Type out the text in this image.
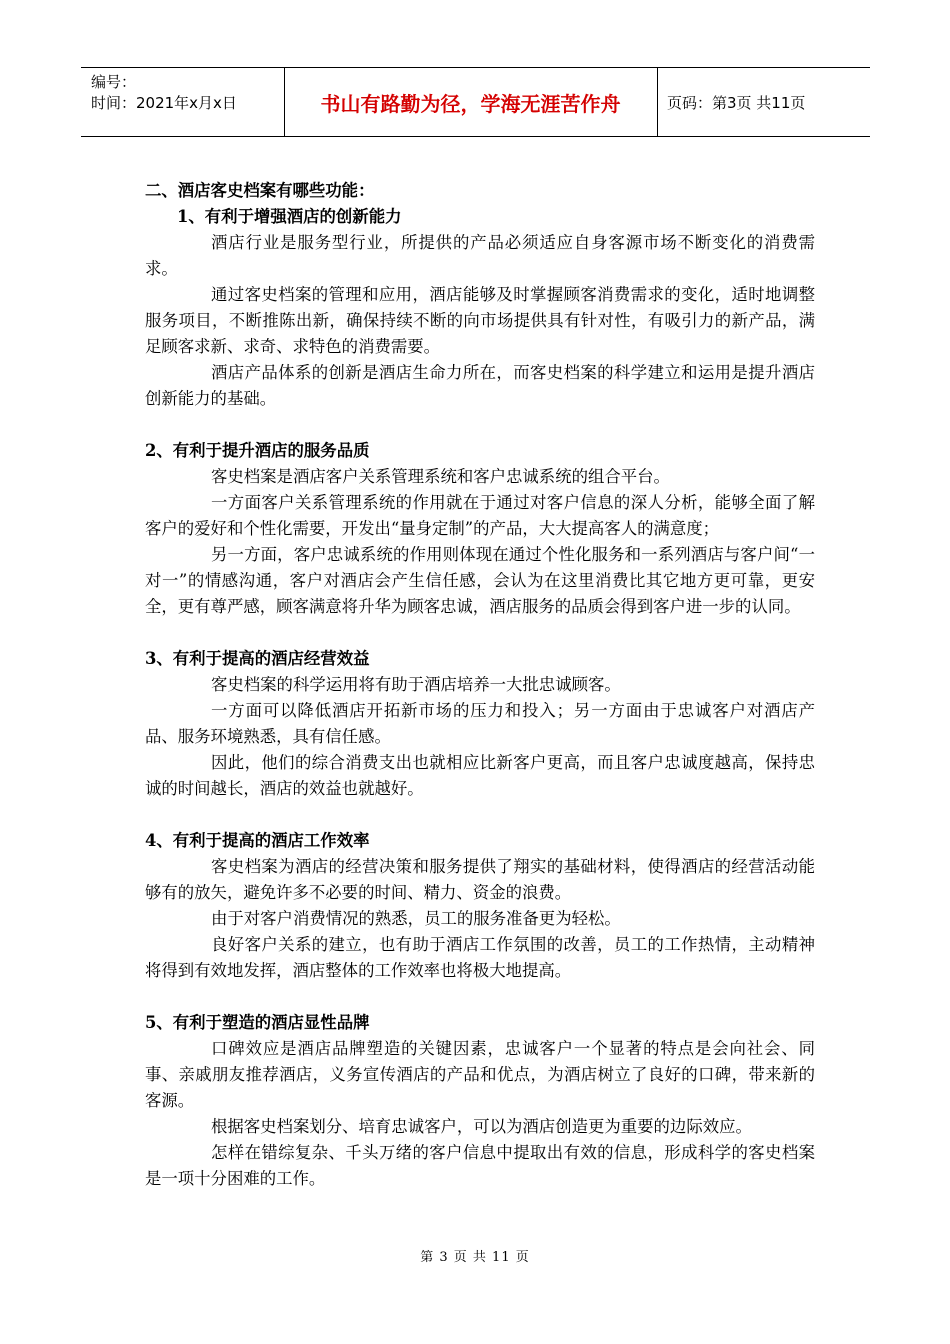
编号：
时间：2021年x月x日	书山有路勤为径，学海无涯苦作舟	页码：第3页 共11页

二、酒店客史档案有哪些功能：

1、有利于增强酒店的创新能力

酒店行业是服务型行业，所提供的产品必须适应自身客源市场不断变化的消费需求。

通过客史档案的管理和应用，酒店能够及时掌握顾客消费需求的变化，适时地调整服务项目，不断推陈出新，确保持续不断的向市场提供具有针对性，有吸引力的新产品，满足顾客求新、求奇、求特色的消费需要。

酒店产品体系的创新是酒店生命力所在，而客史档案的科学建立和运用是提升酒店创新能力的基础。

2、有利于提升酒店的服务品质

客史档案是酒店客户关系管理系统和客户忠诚系统的组合平台。

一方面客户关系管理系统的作用就在于通过对客户信息的深人分析，能够全面了解客户的爱好和个性化需要，开发出“量身定制”的产品，大大提高客人的满意度；

另一方面，客户忠诚系统的作用则体现在通过个性化服务和一系列酒店与客户间“一对一”的情感沟通，客户对酒店会产生信任感，会认为在这里消费比其它地方更可靠，更安全，更有尊严感，顾客满意将升华为顾客忠诚，酒店服务的品质会得到客户进一步的认同。

3、有利于提高的酒店经营效益

客史档案的科学运用将有助于酒店培养一大批忠诚顾客。

一方面可以降低酒店开拓新市场的压力和投入；另一方面由于忠诚客户对酒店产品、服务环境熟悉，具有信任感。

因此，他们的综合消费支出也就相应比新客户更高，而且客户忠诚度越高，保持忠诚的时间越长，酒店的效益也就越好。

4、有利于提高的酒店工作效率

客史档案为酒店的经营决策和服务提供了翔实的基础材料，使得酒店的经营活动能够有的放矢，避免许多不必要的时间、精力、资金的浪费。

由于对客户消费情况的熟悉，员工的服务准备更为轻松。

良好客户关系的建立，也有助于酒店工作氛围的改善，员工的工作热情，主动精神将得到有效地发挥，酒店整体的工作效率也将极大地提高。

5、有利于塑造的酒店显性品牌

口碑效应是酒店品牌塑造的关键因素，忠诚客户一个显著的特点是会向社会、同事、亲戚朋友推荐酒店，义务宣传酒店的产品和优点，为酒店树立了良好的口碑，带来新的客源。

根据客史档案划分、培育忠诚客户，可以为酒店创造更为重要的边际效应。

怎样在错综复杂、千头万绪的客户信息中提取出有效的信息，形成科学的客史档案是一项十分困难的工作。

第 3 页 共 11 页
